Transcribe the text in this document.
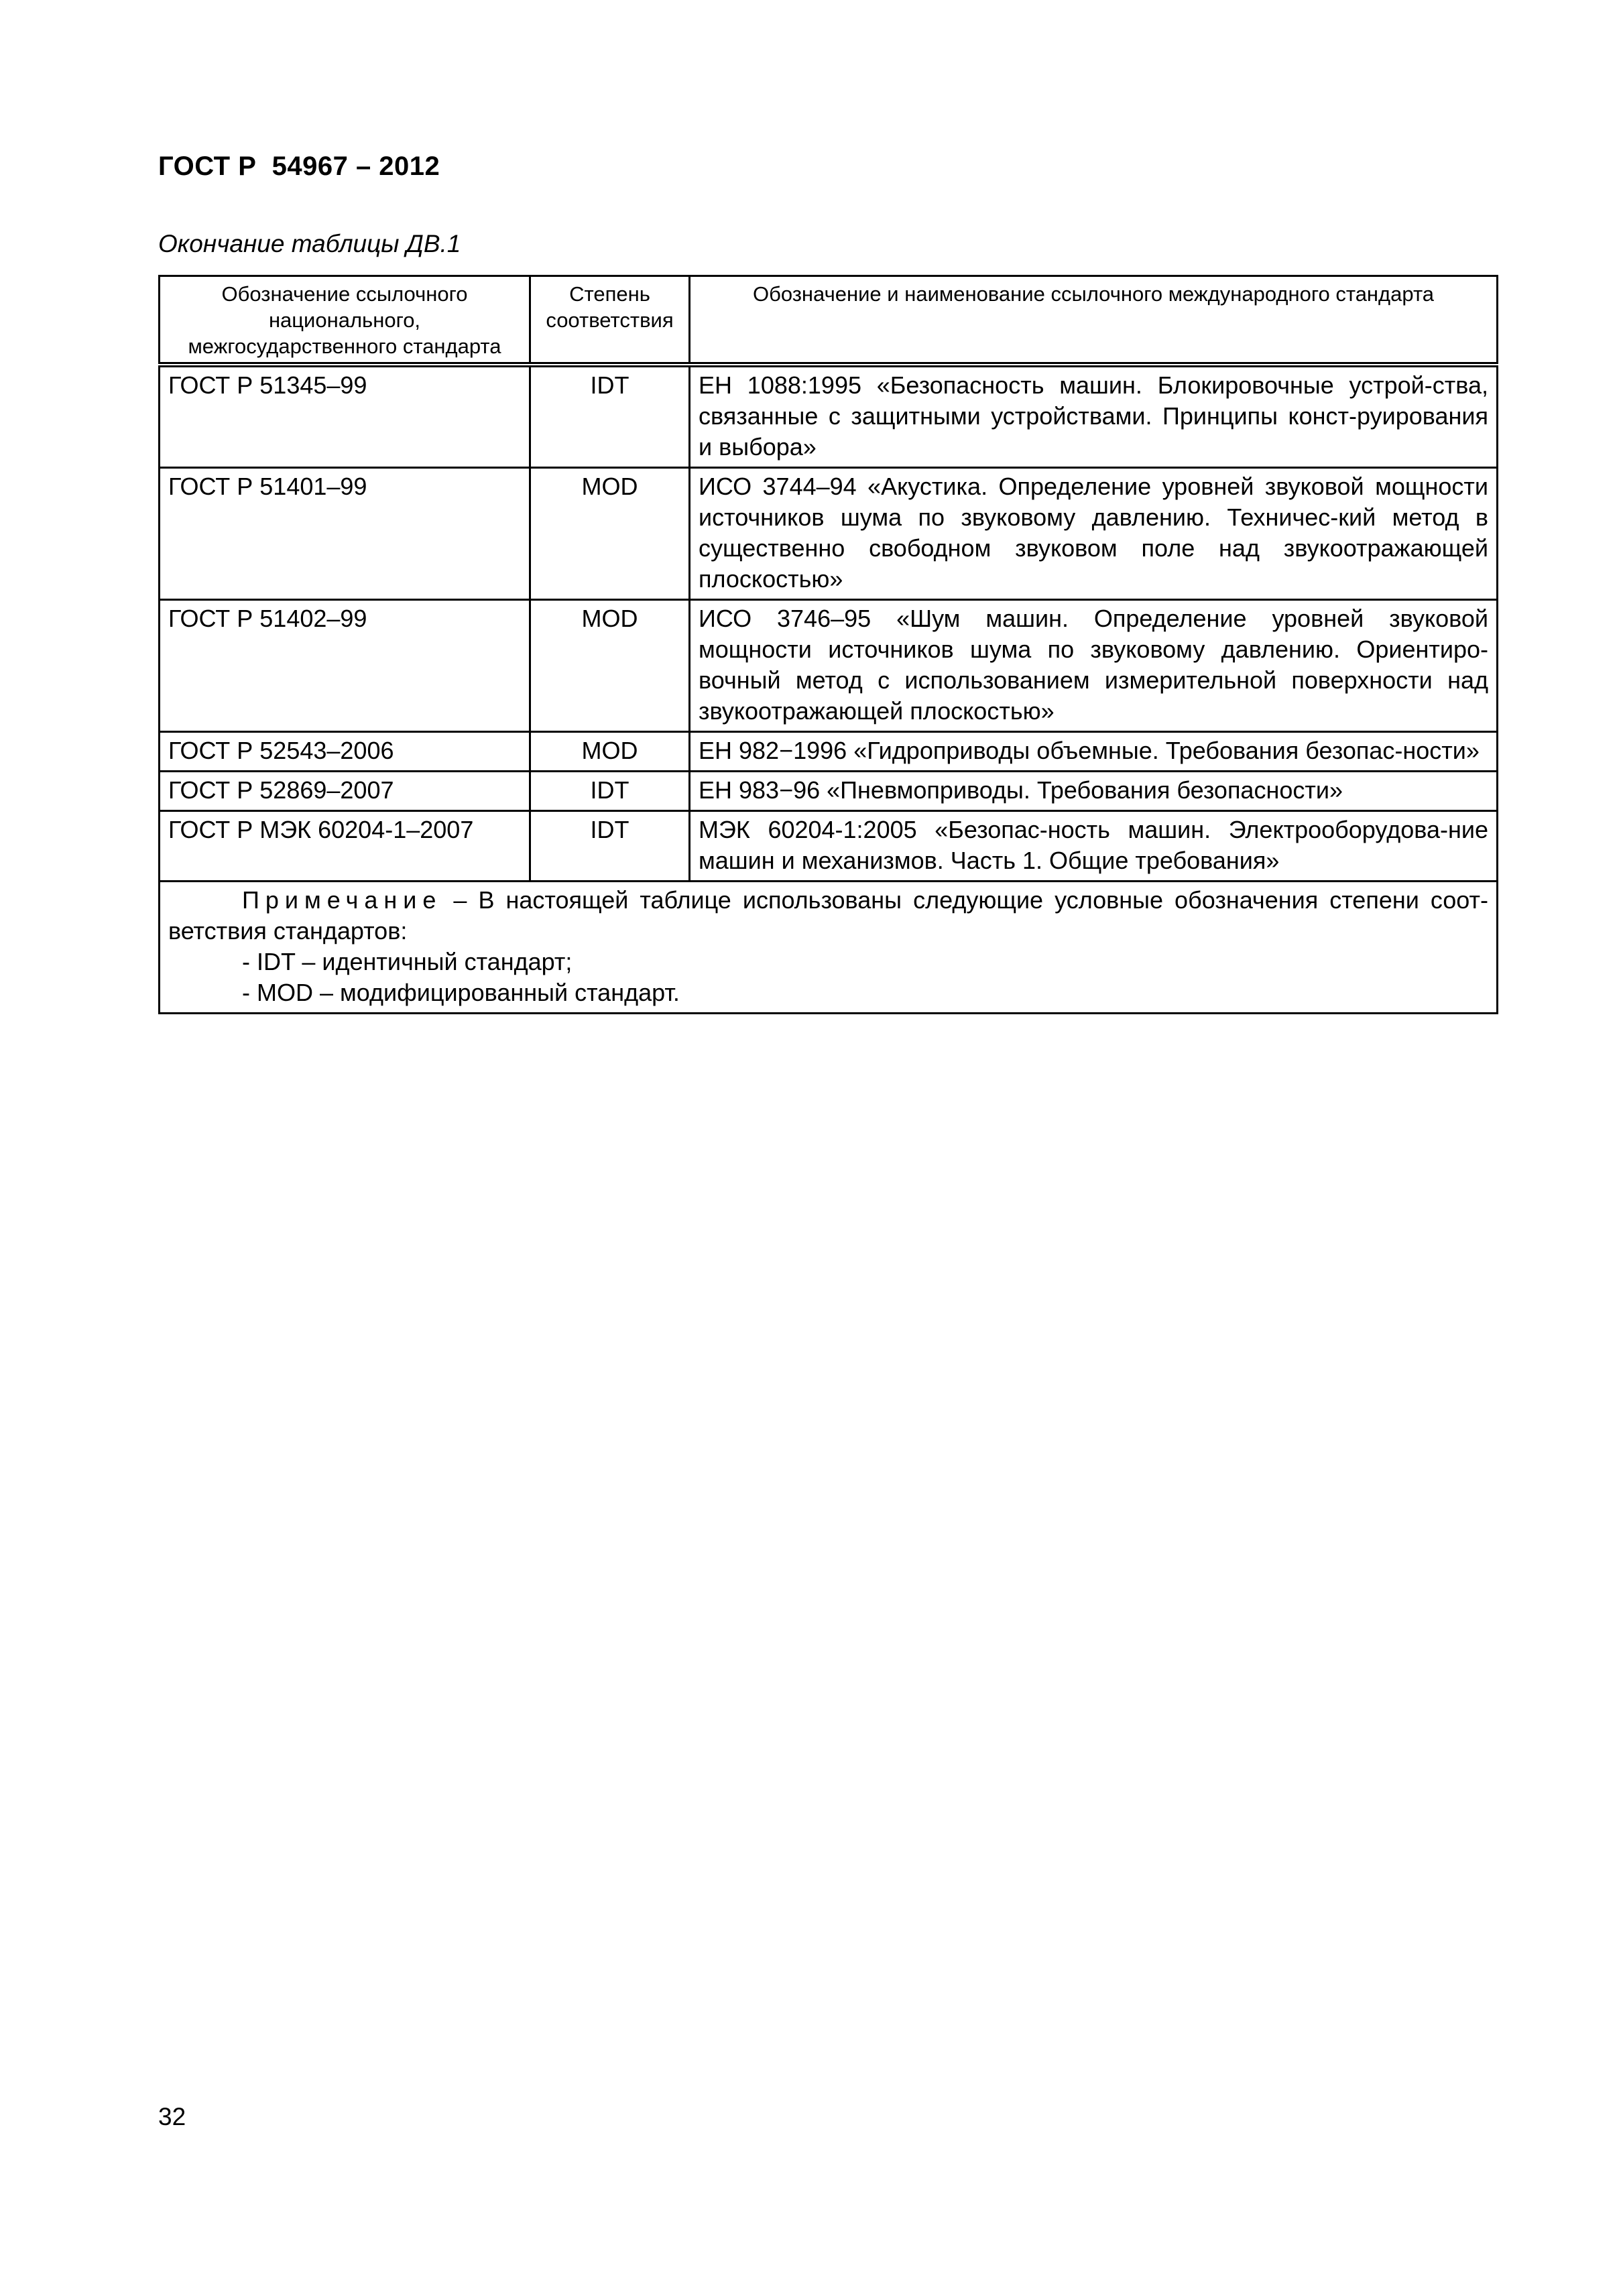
ГОСТ Р  54967 – 2012
Окончание таблицы ДВ.1
Обозначение ссылочного национального, межгосударственного стандарта	Степень соответствия	Обозначение и наименование ссылочного международного стандарта
ГОСТ Р 51345–99	IDT	ЕН 1088:1995 «Безопасность машин. Блокировочные устрой-ства, связанные с защитными устройствами. Принципы конст-руирования и выбора»
ГОСТ Р 51401–99	MOD	ИСО 3744–94 «Акустика. Определение уровней звуковой мощности источников шума по звуковому давлению. Техничес-кий метод в существенно свободном звуковом поле над звукоотражающей плоскостью»
ГОСТ Р 51402–99	MOD	ИСО 3746–95 «Шум машин. Определение уровней звуковой мощности источников шума по звуковому давлению. Ориентиро-вочный метод с использованием измерительной поверхности над звукоотражающей плоскостью»
ГОСТ Р 52543–2006	MOD	ЕН 982−1996 «Гидроприводы объемные. Требования безопас-ности»
ГОСТ Р 52869–2007	IDT	ЕН 983−96 «Пневмоприводы. Требования безопасности»
ГОСТ Р МЭК 60204-1–2007	IDT	МЭК 60204-1:2005 «Безопас-ность машин. Электрооборудова-ние машин и механизмов. Часть 1. Общие требования»

Примечание – В настоящей таблице использованы следующие условные обозначения степени соот-ветствия стандартов:
- IDT – идентичный стандарт;
- MOD – модифицированный стандарт.		
32
